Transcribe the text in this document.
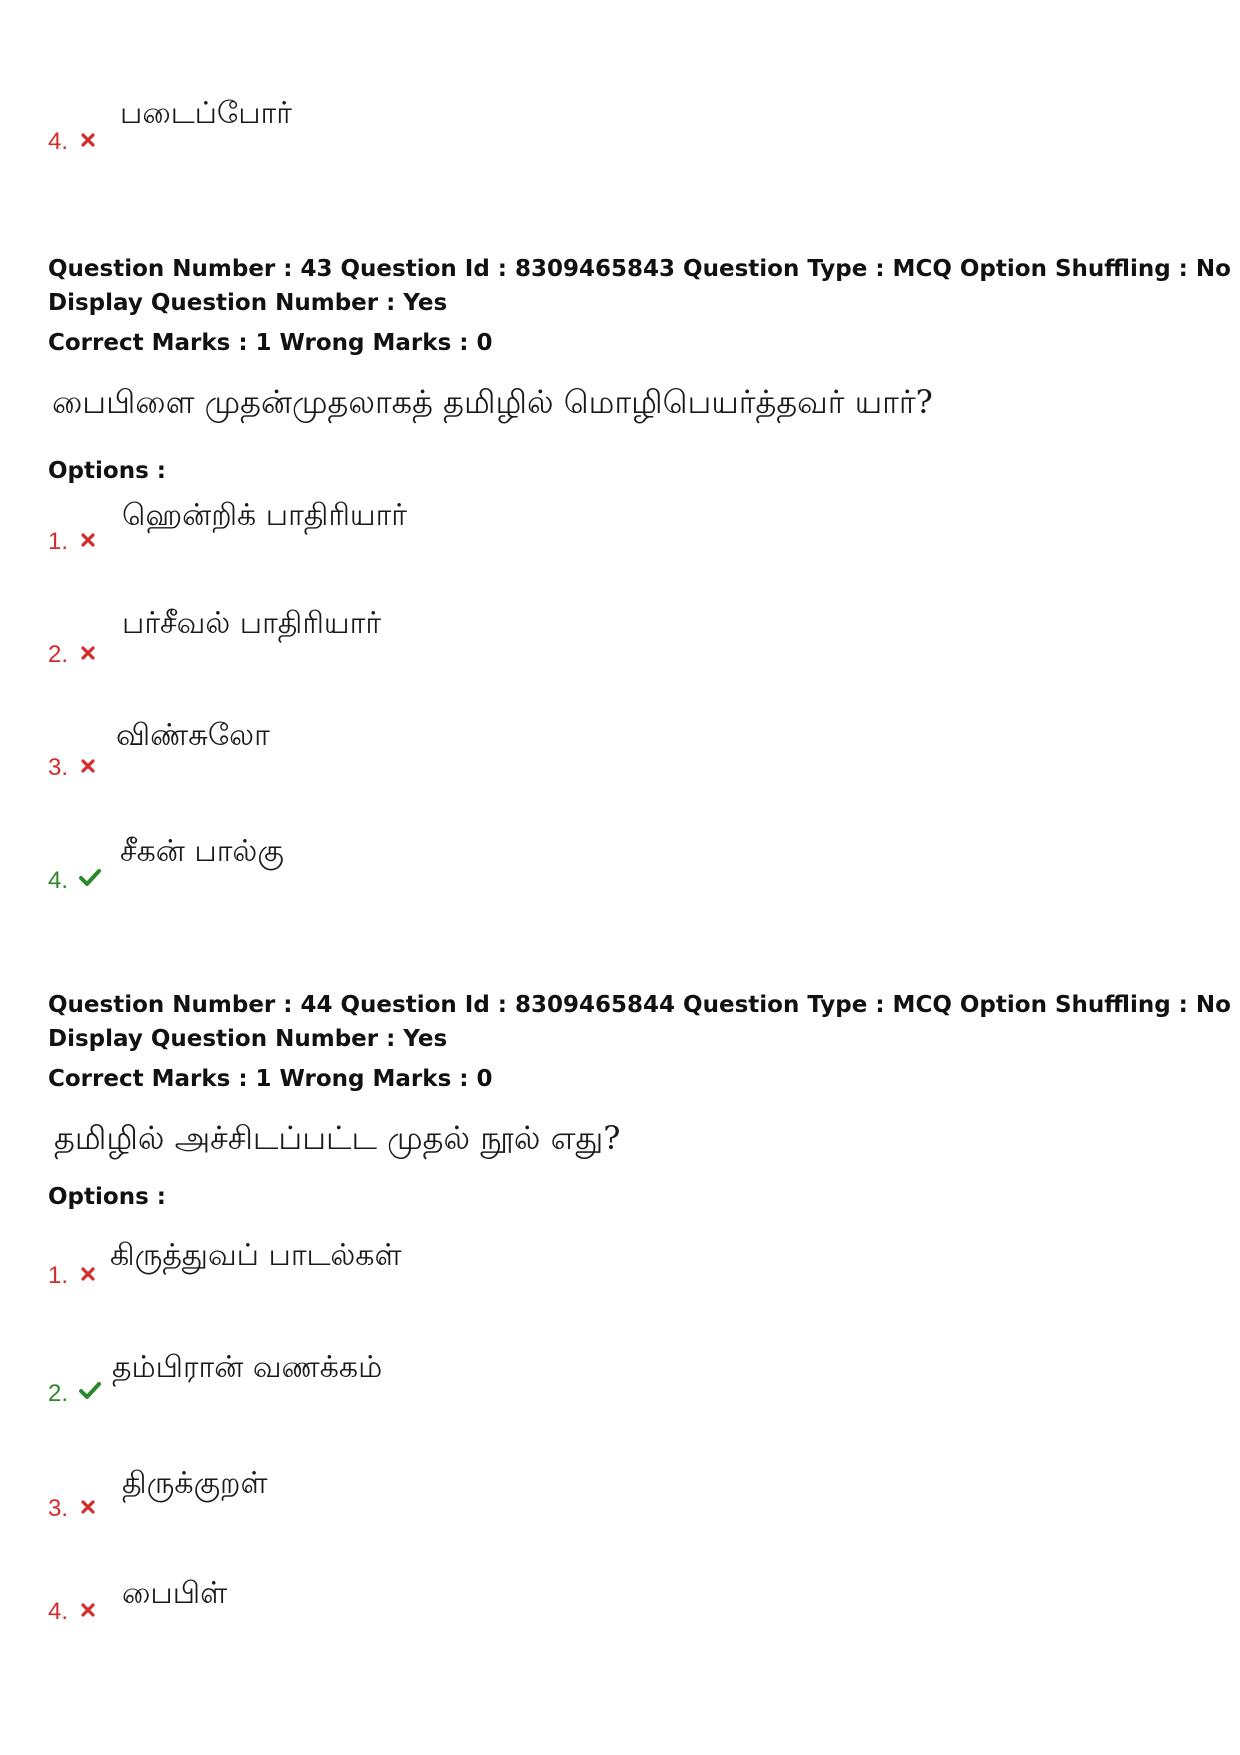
4.
படைப்போர்
Question Number : 43 Question Id : 8309465843 Question Type : MCQ Option Shuffling : No
Display Question Number : Yes
Correct Marks : 1 Wrong Marks : 0
பைபிளை முதன்முதலாகத் தமிழில் மொழிபெயர்த்தவர் யார்?
Options :
1.
ஹென்றிக் பாதிரியார்
2.
பர்சீவல் பாதிரியார்
3.
விண்சுலோ
4.
சீகன் பால்கு
Question Number : 44 Question Id : 8309465844 Question Type : MCQ Option Shuffling : No
Display Question Number : Yes
Correct Marks : 1 Wrong Marks : 0
தமிழில் அச்சிடப்பட்ட முதல் நூல் எது?
Options :
1.
கிருத்துவப் பாடல்கள்
2.
தம்பிரான் வணக்கம்
3.
திருக்குறள்
4.
பைபிள்
